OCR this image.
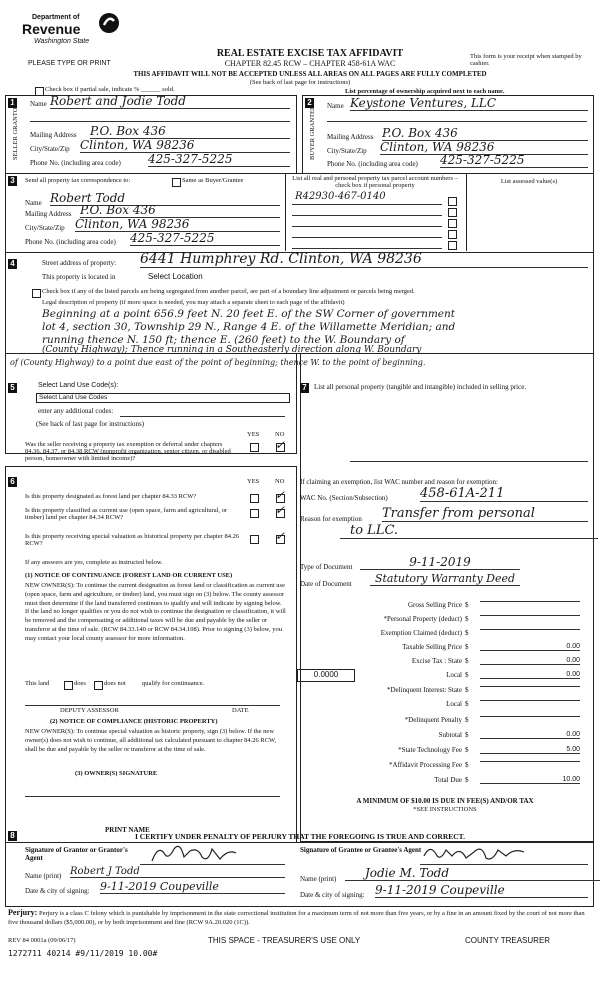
Department of
Revenue
Washington State
PLEASE TYPE OR PRINT
REAL ESTATE EXCISE TAX AFFIDAVIT
CHAPTER 82.45 RCW – CHAPTER 458-61A WAC
THIS AFFIDAVIT WILL NOT BE ACCEPTED UNLESS ALL AREAS ON ALL PAGES ARE FULLY COMPLETED
(See back of last page for instructions)
This form is your receipt when stamped by cashier.
Check box if partial sale, indicate % ______ sold.	List percentage of ownership acquired next to each name.
1
SELLER GRANTOR Name Robert and Jodie Todd
Mailing Address P.O. Box 436
City/State/Zip Clinton, WA 98236
Phone No. (including area code) 425-327-5225
2
BUYER GRANTEE
Name Keystone Ventures, LLC
Mailing Address P.O. Box 436
City/State/Zip Clinton, WA 98236
Phone No. (including area code) 425-327-5225
3	Send all property tax correspondence to:	Same as Buyer/Grantee
Name Robert Todd
Mailing Address P.O. Box 436
City/State/Zip Clinton, WA 98236
Phone No. (including area code) 425-327-5225
List all real and personal property tax parcel account numbers – check box if personal property
List assessed value(s)
R42930-467-0140
4	Street address of property: 6441 Humphrey Rd. Clinton, WA 98236
This property is located in	Select Location
Check box if any of the listed parcels are being segregated from another parcel, are part of a boundary line adjustment or parcels being merged.
Legal description of property (if more space is needed, you may attach a separate sheet to each page of the affidavit)
Beginning at a point 656.9 feet N. 20 feet E. of the SW Corner of government
lot 4, section 30, Township 29 N., Range 4 E. of the Willamette Meridian; and
running thence N. 150 ft; thence E. (260 feet) to the W. Boundary of
(County Highway); Thence running in a Southeasterly direction along W. Boundary
of (County Highway) to a point due east of the point of beginning; thence W. to the point of beginning.
5	Select Land Use Code(s):
Select Land Use Codes
enter any additional codes:
(See back of last page for instructions)
YES NO
Was the seller receiving a property tax exemption or deferral under chapters 84.36, 84.37, or 84.38 RCW (nonprofit organization, senior citizen, or disabled person, homeowner with limited income)?
✓
6	YES NO
Is this property designated as forest land per chapter 84.33 RCW?	✓
Is this property classified as current use (open space, farm and agricultural, or timber) land per chapter 84.34 RCW?
✓
Is this property receiving special valuation as historical property per chapter 84.26 RCW?
✓
If any answers are yes, complete as instructed below.
(1) NOTICE OF CONTINUANCE (FOREST LAND OR CURRENT USE)
NEW OWNER(S): To continue the current designation as forest land or classification as current use (open space, farm and agriculture, or timber) land, you must sign on (3) below. The county assessor must then determine if the land transferred continues to qualify and will indicate by signing below. If the land no longer qualifies or you do not wish to continue the designation or classification, it will be removed and the compensating or additional taxes will be due and payable by the seller or transferor at the time of sale. (RCW 84.33.140 or RCW 84.34.108). Prior to signing (3) below, you may contact your local county assessor for more information.
This land	does	does not qualify for continuance.
DEPUTY ASSESSOR	DATE
(2) NOTICE OF COMPLIANCE (HISTORIC PROPERTY)
NEW OWNER(S): To continue special valuation as historic property, sign (3) below. If the new owner(s) does not wish to continue, all additional tax calculated pursuant to chapter 84.26 RCW, shall be due and payable by the seller or transferor at the time of sale.
(3) OWNER(S) SIGNATURE
PRINT NAME
7	List all personal property (tangible and intangible) included in selling price.
If claiming an exemption, list WAC number and reason for exemption:
WAC No. (Section/Subsection) 458-61A-211
Reason for exemption Transfer from personal
to LLC.
Type of Document	9-11-2019
Date of Document	Statutory Warranty Deed
Gross Selling Price $
*Personal Property (deduct) $
Exemption Claimed (deduct) $
Taxable Selling Price $	0.00
Excise Tax : State $	0.00
Local $	0.00
0.0000
*Delinquent Interest: State $
Local $
*Delinquent Penalty $
Subtotal $	0.00
*State Technology Fee $	5.00
*Affidavit Processing Fee $
Total Due $	10.00
A MINIMUM OF $10.00 IS DUE IN FEE(S) AND/OR TAX
*SEE INSTRUCTIONS
8	I CERTIFY UNDER PENALTY OF PERJURY THAT THE FOREGOING IS TRUE AND CORRECT.
Signature of Grantor or Grantor's Agent
Name (print) Robert J Todd
Date & city of signing: 9-11-2019 Coupeville
Signature of Grantee or Grantee's Agent
Name (print)	Jodie M. Todd
Date & city of signing: 9-11-2019 Coupeville
Perjury: Perjury is a class C felony which is punishable by imprisonment in the state correctional institution for a maximum term of not more than five years, or by a fine in an amount fixed by the court of not more than five thousand dollars ($5,000.00), or by both imprisonment and fine (RCW 9A.20.020 (1C)).
REV 84 0001a (09/06/17)	THIS SPACE - TREASURER'S USE ONLY	COUNTY TREASURER
1272711 40214 #9/11/2019 10.00#
